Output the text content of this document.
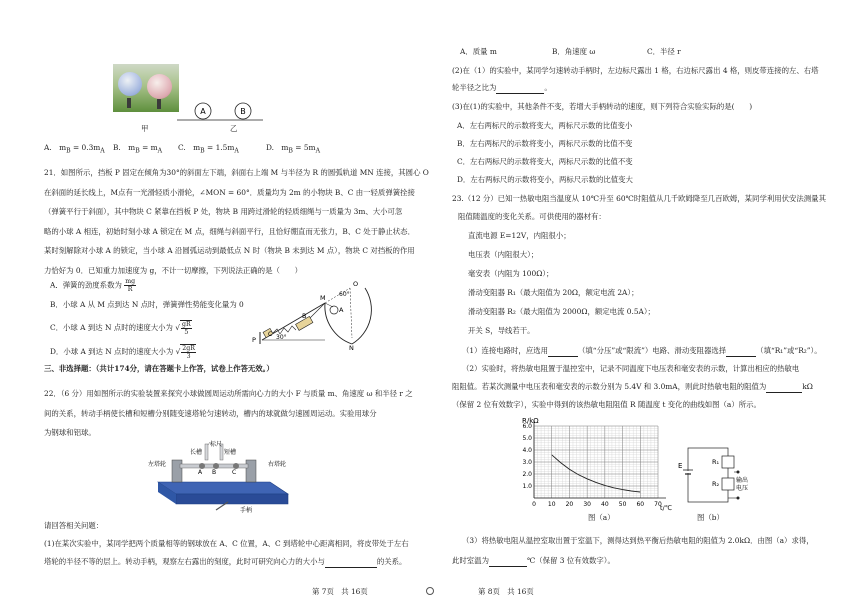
甲
A	B
乙
A.　$m_B = 0.3m_A$ B.　$m_B = m_A$ C.　$m_B = 1.5m_A$	D.　$m_B = 5m_A$
21．如图所示，挡板 P 固定在倾角为30°的斜面左下端，斜面右上端 M 与半径为 R 的圆弧轨道 MN 连接，其圆心 O
在斜面的延长线上，M点有一光滑轻质小滑轮，∠MON = 60°．质量均为 2m 的小物块 B、C 由一轻质弹簧拴接
（弹簧平行于斜面），其中物块 C 紧靠在挡板 P 处，物块 B 用跨过滑轮的轻质细绳与一质量为 3m、大小可忽
略的小球 A 相连，初始时刻小球 A 锁定在 M 点，细绳与斜面平行，且恰好绷直而无张力，B、C 处于静止状态．
某时刻解除对小球 A 的锁定，当小球 A 沿圆弧运动到最低点 N 时（物块 B 未到达 M 点），物块 C 对挡板的作用
力恰好为 0．已知重力加速度为 g，不计一切摩擦，下列说法正确的是（　　）
A．弹簧的劲度系数为 $\frac{mg}{R}$
B．小球 A 从 M 点到达 N 点时，弹簧弹性势能变化量为 0
C．小球 A 到达 N 点时的速度大小为 √ $\frac{gR}{5}$
D．小球 A 到达 N 点时的速度大小为 √ $\frac{2gR}{3}$
M
O
A
N
B
C
P
60°
30°
三、非选择题：（共计174分，请在答题卡上作答，试卷上作答无效。）
22．（6 分）用如图所示的实验装置来探究小球做圆周运动所需向心力的大小 F 与质量 m、角速度 ω 和半径 r 之
间的关系，转动手柄使长槽和短槽分别随变速塔轮匀速转动，槽内的球就做匀速圆周运动。实验用球分
为钢球和铝球。
标尺
长槽	短槽
左塔轮	右塔轮
手柄
A B	C
请回答相关问题：
(1)在某次实验中，某同学把两个质量相等的钢球放在 A、C 位置，A、C 到塔轮中心距离相同，将皮带处于左右
塔轮的半径不等的层上。转动手柄，观察左右露出的刻度，此时可研究向心力的大小与	的关系。
第 7页　共 16页
A．质量 m	B．角速度 ω	C．半径 r
(2)在（1）的实验中，某同学匀速转动手柄时，左边标尺露出 1 格，右边标尺露出 4 格，则皮带连接的左、右塔
轮半径之比为	。
(3)在(1)的实验中，其他条件不变，若增大手柄转动的速度，则下列符合实验实际的是(　　)
A．左右两标尺的示数将变大，两标尺示数的比值变小
B．左右两标尺的示数将变小，两标尺示数的比值不变
C．左右两标尺的示数将变大，两标尺示数的比值不变
D．左右两标尺的示数将变小，两标尺示数的比值变大
23.（12 分）已知一热敏电阻当温度从 10℃升至 60℃时阻值从几千欧姆降至几百欧姆，某同学利用伏安法测量其
阻值随温度的变化关系。可供使用的器材有：
直流电源 E=12V，内阻很小；
电压表（内阻很大）；
毫安表（内阻为 100Ω）；
滑动变阻器 R₁（最大阻值为 20Ω，额定电流 2A）；
滑动变阻器 R₂（最大阻值为 2000Ω，额定电流 0.5A）；
开关 S，导线若干。
（1）连接电路时，应选用	（填“分压”或“限流”）电路、滑动变阻器选择	（填“R₁”或“R₂”）。
（2）实验时，将热敏电阻置于温控室中，记录不同温度下电压表和毫安表的示数，计算出相应的热敏电
阻阻值。若某次测量中电压表和毫安表的示数分别为 5.4V 和 3.0mA，则此时热敏电阻的阻值为	kΩ
（保留 2 位有效数字），实验中得到的该热敏电阻阻值 R 随温度 t 变化的曲线如图（a）所示。
0 10 20 30 40 50 60 70
1.0
2.0
3.0
4.0
5.0
6.0
R/kΩ
t/℃
图（a）
E	R₁
R₂	输出
电压
图（b）
（3）将热敏电阻从温控室取出置于室温下，测得达到热平衡后热敏电阻的阻值为 2.0kΩ．由图（a）求得，
此时室温为	℃（保留 3 位有效数字）。
第 8页　共 16页
